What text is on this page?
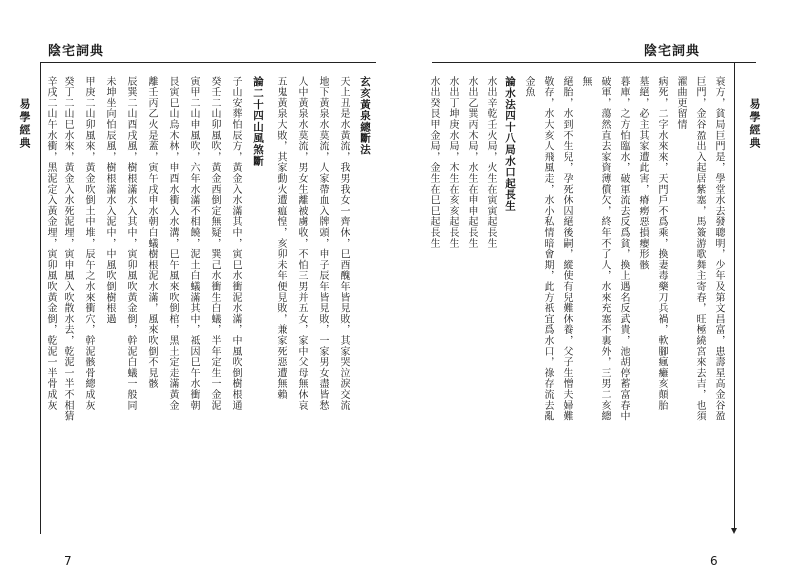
陰宅詞典
易學經典
7
玄亥黃泉總斷法
天上丑是水黃流，我男我女一齊休，巳酉醜年皆見敗，其家哭泣淚交流
地下黃泉水莫流，人家帶血入牌頭，申子辰年皆見敗，一家男女盡皆愁
人中黃泉水莫流，男女生離被虜收，不怕三男并五女，家中父母無休哀
五鬼黃泉大敗，其家動火遭瘟惶，亥卯未年便見敗，兼家死惡遭無賴
論二十四山風煞斷
子山安葬怕辰方，黃金入水滿其中，寅巳水衝泥水滿，中風吹倒樹根通
癸壬二山卯風吹，黃金西倒定無疑，巽己水衝生白蟻，半年定生一金泥
寅甲二山申風吹，六年水滿不相饒，泥土白蟻滿其中，祗因巳午水衝朝
艮寅巳山烏木林，申酉水衝入水溝，巳午風來吹倒棺，黑土定走滿黃金
離壬丙乙火是蓋，寅午戌申水朝白蟻樹根泥水滿，風來吹倒不見骸
辰巽二山酉戌風，樹根滿水入其中，寅卯風吹黃金倒，幹泥白蟻一般同
未坤坐向怕辰風，樹根滿水入泥中，中風吹倒樹根過
甲庚二山卯風來，黃金吹倒土中堆，辰午之水來衝穴，幹泥骸骨總成灰
癸丁二山巳水來，黃金入水死泥埋，寅申風入吹散水去，乾泥一半不相猜
辛戌二山午水衝，黑泥定入黃金埋，寅卯風吹黃金倒，乾泥一半骨成灰
陰宅詞典
易學經典
6
衰方，貧局巨門是，學堂水去發聰明，少年及第文昌富，患壽星高金谷盈
巨門，金谷盈出入起居紫塞，馬簽游歌舞主寄春，旺極繞宮來去吉，也須
濯曲更留情
病死，二字水來來，天門戶不爲乘，換妻毒藥刀兵禍，軟腳瘋癱亥顛胎
墓絕，必主其家遭此害，瘠癆惡損癭形骸
暮庫，之方怕臨水，破軍流去反爲貧，換上遇名反武貴，池胡停蓄富春中
破軍，蕩然直去家資薄償欠，終年不了人，水來充塞不裏外，三男二亥總
無
絕胎，水到不生兒，孕死休囚絕後嗣，縱使有兒難休養，父子生憎夫婦難
敬存，水大亥人飛風走，水小私情暗會期，此方祇宜爲水口，祿存流去亂
金魚
論水法四十八局水口起長生
水出辛乾壬火局，火生在寅寅起長生
水出乙巽丙木局，水生在申申起長生
水出丁坤庚水局，木生在亥亥起長生
水出癸艮甲金局，金生在巳巳起長生
